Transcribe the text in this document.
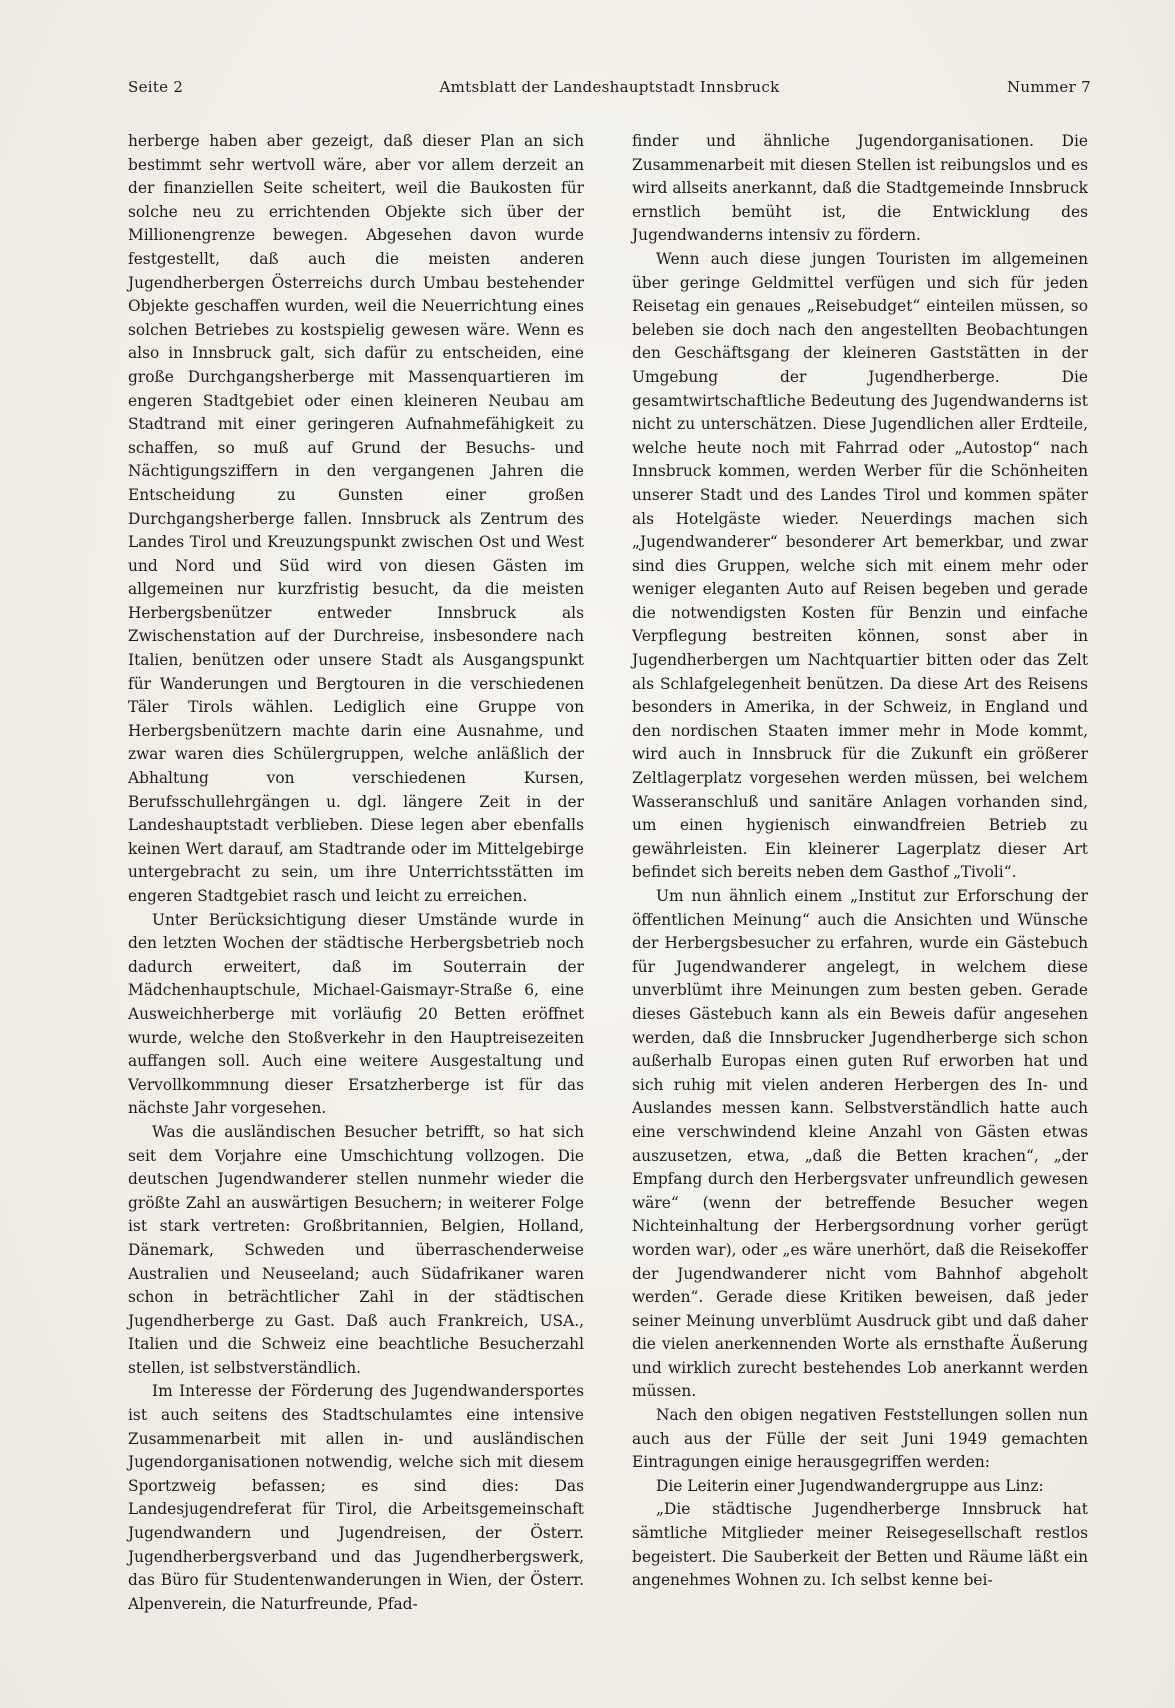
Seite 2	Amtsblatt der Landeshauptstadt Innsbruck	Nummer 7

herberge haben aber gezeigt, daß dieser Plan an sich bestimmt sehr wertvoll wäre, aber vor allem derzeit an der finanziellen Seite scheitert, weil die Baukosten für solche neu zu errichtenden Objekte sich über der Millionengrenze bewegen. Abgesehen davon wurde festgestellt, daß auch die meisten anderen Jugendherbergen Österreichs durch Umbau bestehender Objekte geschaffen wurden, weil die Neuerrichtung eines solchen Betriebes zu kostspielig gewesen wäre. Wenn es also in Innsbruck galt, sich dafür zu entscheiden, eine große Durchgangsherberge mit Massenquartieren im engeren Stadtgebiet oder einen kleineren Neubau am Stadtrand mit einer geringeren Aufnahmefähigkeit zu schaffen, so muß auf Grund der Besuchs- und Nächtigungsziffern in den vergangenen Jahren die Entscheidung zu Gunsten einer großen Durchgangsherberge fallen. Innsbruck als Zentrum des Landes Tirol und Kreuzungspunkt zwischen Ost und West und Nord und Süd wird von diesen Gästen im allgemeinen nur kurzfristig besucht, da die meisten Herbergsbenützer entweder Innsbruck als Zwischenstation auf der Durchreise, insbesondere nach Italien, benützen oder unsere Stadt als Ausgangspunkt für Wanderungen und Bergtouren in die verschiedenen Täler Tirols wählen. Lediglich eine Gruppe von Herbergsbenützern machte darin eine Ausnahme, und zwar waren dies Schülergruppen, welche anläßlich der Abhaltung von verschiedenen Kursen, Berufsschullehrgängen u. dgl. längere Zeit in der Landeshauptstadt verblieben. Diese legen aber ebenfalls keinen Wert darauf, am Stadtrande oder im Mittelgebirge untergebracht zu sein, um ihre Unterrichtsstätten im engeren Stadtgebiet rasch und leicht zu erreichen.

Unter Berücksichtigung dieser Umstände wurde in den letzten Wochen der städtische Herbergsbetrieb noch dadurch erweitert, daß im Souterrain der Mädchenhauptschule, Michael-Gaismayr-Straße 6, eine Ausweichherberge mit vorläufig 20 Betten eröffnet wurde, welche den Stoßverkehr in den Hauptreisezeiten auffangen soll. Auch eine weitere Ausgestaltung und Vervollkommnung dieser Ersatzherberge ist für das nächste Jahr vorgesehen.

Was die ausländischen Besucher betrifft, so hat sich seit dem Vorjahre eine Umschichtung vollzogen. Die deutschen Jugendwanderer stellen nunmehr wieder die größte Zahl an auswärtigen Besuchern; in weiterer Folge ist stark vertreten: Großbritannien, Belgien, Holland, Dänemark, Schweden und überraschenderweise Australien und Neuseeland; auch Südafrikaner waren schon in beträchtlicher Zahl in der städtischen Jugendherberge zu Gast. Daß auch Frankreich, USA., Italien und die Schweiz eine beachtliche Besucherzahl stellen, ist selbstverständlich.

Im Interesse der Förderung des Jugendwandersportes ist auch seitens des Stadtschulamtes eine intensive Zusammenarbeit mit allen in- und ausländischen Jugendorganisationen notwendig, welche sich mit diesem Sportzweig befassen; es sind dies: Das Landesjugendreferat für Tirol, die Arbeitsgemeinschaft Jugendwandern und Jugendreisen, der Österr. Jugendherbergsverband und das Jugendherbergswerk, das Büro für Studentenwanderungen in Wien, der Österr. Alpenverein, die Naturfreunde, Pfad-

finder und ähnliche Jugendorganisationen. Die Zusammenarbeit mit diesen Stellen ist reibungslos und es wird allseits anerkannt, daß die Stadtgemeinde Innsbruck ernstlich bemüht ist, die Entwicklung des Jugendwanderns intensiv zu fördern.

Wenn auch diese jungen Touristen im allgemeinen über geringe Geldmittel verfügen und sich für jeden Reisetag ein genaues „Reisebudget“ einteilen müssen, so beleben sie doch nach den angestellten Beobachtungen den Geschäftsgang der kleineren Gaststätten in der Umgebung der Jugendherberge. Die gesamtwirtschaftliche Bedeutung des Jugendwanderns ist nicht zu unterschätzen. Diese Jugendlichen aller Erdteile, welche heute noch mit Fahrrad oder „Autostop“ nach Innsbruck kommen, werden Werber für die Schönheiten unserer Stadt und des Landes Tirol und kommen später als Hotelgäste wieder. Neuerdings machen sich „Jugendwanderer“ besonderer Art bemerkbar, und zwar sind dies Gruppen, welche sich mit einem mehr oder weniger eleganten Auto auf Reisen begeben und gerade die notwendigsten Kosten für Benzin und einfache Verpflegung bestreiten können, sonst aber in Jugendherbergen um Nachtquartier bitten oder das Zelt als Schlafgelegenheit benützen. Da diese Art des Reisens besonders in Amerika, in der Schweiz, in England und den nordischen Staaten immer mehr in Mode kommt, wird auch in Innsbruck für die Zukunft ein größerer Zeltlagerplatz vorgesehen werden müssen, bei welchem Wasseranschluß und sanitäre Anlagen vorhanden sind, um einen hygienisch einwandfreien Betrieb zu gewährleisten. Ein kleinerer Lagerplatz dieser Art befindet sich bereits neben dem Gasthof „Tivoli“.

Um nun ähnlich einem „Institut zur Erforschung der öffentlichen Meinung“ auch die Ansichten und Wünsche der Herbergsbesucher zu erfahren, wurde ein Gästebuch für Jugendwanderer angelegt, in welchem diese unverblümt ihre Meinungen zum besten geben. Gerade dieses Gästebuch kann als ein Beweis dafür angesehen werden, daß die Innsbrucker Jugendherberge sich schon außerhalb Europas einen guten Ruf erworben hat und sich ruhig mit vielen anderen Herbergen des In- und Auslandes messen kann. Selbstverständlich hatte auch eine verschwindend kleine Anzahl von Gästen etwas auszusetzen, etwa, „daß die Betten krachen“, „der Empfang durch den Herbergsvater unfreundlich gewesen wäre“ (wenn der betreffende Besucher wegen Nichteinhaltung der Herbergsordnung vorher gerügt worden war), oder „es wäre unerhört, daß die Reisekoffer der Jugendwanderer nicht vom Bahnhof abgeholt werden“. Gerade diese Kritiken beweisen, daß jeder seiner Meinung unverblümt Ausdruck gibt und daß daher die vielen anerkennenden Worte als ernsthafte Äußerung und wirklich zurecht bestehendes Lob anerkannt werden müssen.

Nach den obigen negativen Feststellungen sollen nun auch aus der Fülle der seit Juni 1949 gemachten Eintragungen einige herausgegriffen werden:

Die Leiterin einer Jugendwandergruppe aus Linz:

„Die städtische Jugendherberge Innsbruck hat sämtliche Mitglieder meiner Reisegesellschaft restlos begeistert. Die Sauberkeit der Betten und Räume läßt ein angenehmes Wohnen zu. Ich selbst kenne bei-
